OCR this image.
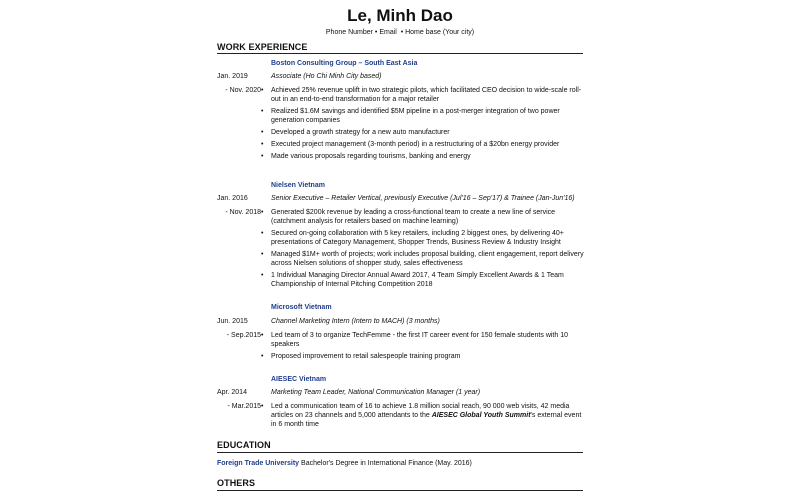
Le, Minh Dao
Phone Number • Email  • Home base (Your city)
WORK EXPERIENCE
Boston Consulting Group – South East Asia
Jan. 2019	Associate (Ho Chi Minh City based)
- Nov. 2020	• Achieved 25% revenue uplift in two strategic pilots, which facilitated CEO decision to wide-scale roll-out in an end-to-end transformation for a major retailer
• Realized $1.6M savings and identified $5M pipeline in a post-merger integration of two power generation companies
• Developed a growth strategy for a new auto manufacturer
• Executed project management (3-month period) in a restructuring of a $20bn energy provider
• Made various proposals regarding tourisms, banking and energy
Nielsen Vietnam
Jan. 2016	Senior Executive – Retailer Vertical, previously Executive (Jul'16 – Sep'17) & Trainee (Jan-Jun'16)
- Nov. 2018	• Generated $200k revenue by leading a cross-functional team to create a new line of service (catchment analysis for retailers based on machine learning)
• Secured on-going collaboration with 5 key retailers, including 2 biggest ones, by delivering 40+ presentations of Category Management, Shopper Trends, Business Review & Industry Insight
• Managed $1M+ worth of projects; work includes proposal building, client engagement, report delivery across Nielsen solutions of shopper study, sales effectiveness
• 1 Individual Managing Director Annual Award 2017, 4 Team Simply Excellent Awards & 1 Team Championship of Internal Pitching Competition 2018
Microsoft Vietnam
Jun. 2015	Channel Marketing Intern (Intern to MACH) (3 months)
- Sep.2015	• Led team of 3 to organize TechFemme - the first IT career event for 150 female students with 10 speakers
• Proposed improvement to retail salespeople training program
AIESEC Vietnam
Apr. 2014	Marketing Team Leader, National Communication Manager (1 year)
- Mar.2015	• Led a communication team of 16 to achieve 1.8 million social reach, 90 000 web visits, 42 media articles on 23 channels and 5,000 attendants to the AIESEC Global Youth Summit's external event in 6 month time
EDUCATION
Foreign Trade University Bachelor's Degree in International Finance (May. 2016)
OTHERS
